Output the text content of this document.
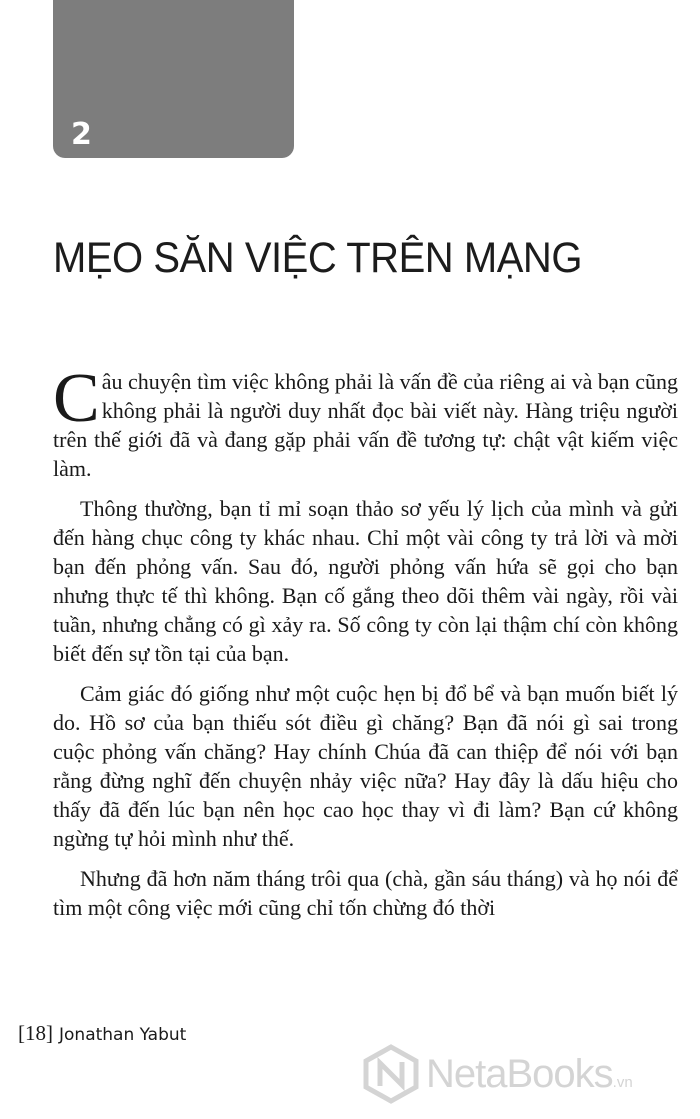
2
MẸO SĂN VIỆC TRÊN MẠNG

Câu chuyện tìm việc không phải là vấn đề của riêng ai và bạn cũng không phải là người duy nhất đọc bài viết này. Hàng triệu người trên thế giới đã và đang gặp phải vấn đề tương tự: chật vật kiếm việc làm.

Thông thường, bạn tỉ mỉ soạn thảo sơ yếu lý lịch của mình và gửi đến hàng chục công ty khác nhau. Chỉ một vài công ty trả lời và mời bạn đến phỏng vấn. Sau đó, người phỏng vấn hứa sẽ gọi cho bạn nhưng thực tế thì không. Bạn cố gắng theo dõi thêm vài ngày, rồi vài tuần, nhưng chẳng có gì xảy ra. Số công ty còn lại thậm chí còn không biết đến sự tồn tại của bạn.

Cảm giác đó giống như một cuộc hẹn bị đổ bể và bạn muốn biết lý do. Hồ sơ của bạn thiếu sót điều gì chăng? Bạn đã nói gì sai trong cuộc phỏng vấn chăng? Hay chính Chúa đã can thiệp để nói với bạn rằng đừng nghĩ đến chuyện nhảy việc nữa? Hay đây là dấu hiệu cho thấy đã đến lúc bạn nên học cao học thay vì đi làm? Bạn cứ không ngừng tự hỏi mình như thế.

Nhưng đã hơn năm tháng trôi qua (chà, gần sáu tháng) và họ nói để tìm một công việc mới cũng chỉ tốn chừng đó thời

[18] Jonathan Yabut
NetaBooks.vn
